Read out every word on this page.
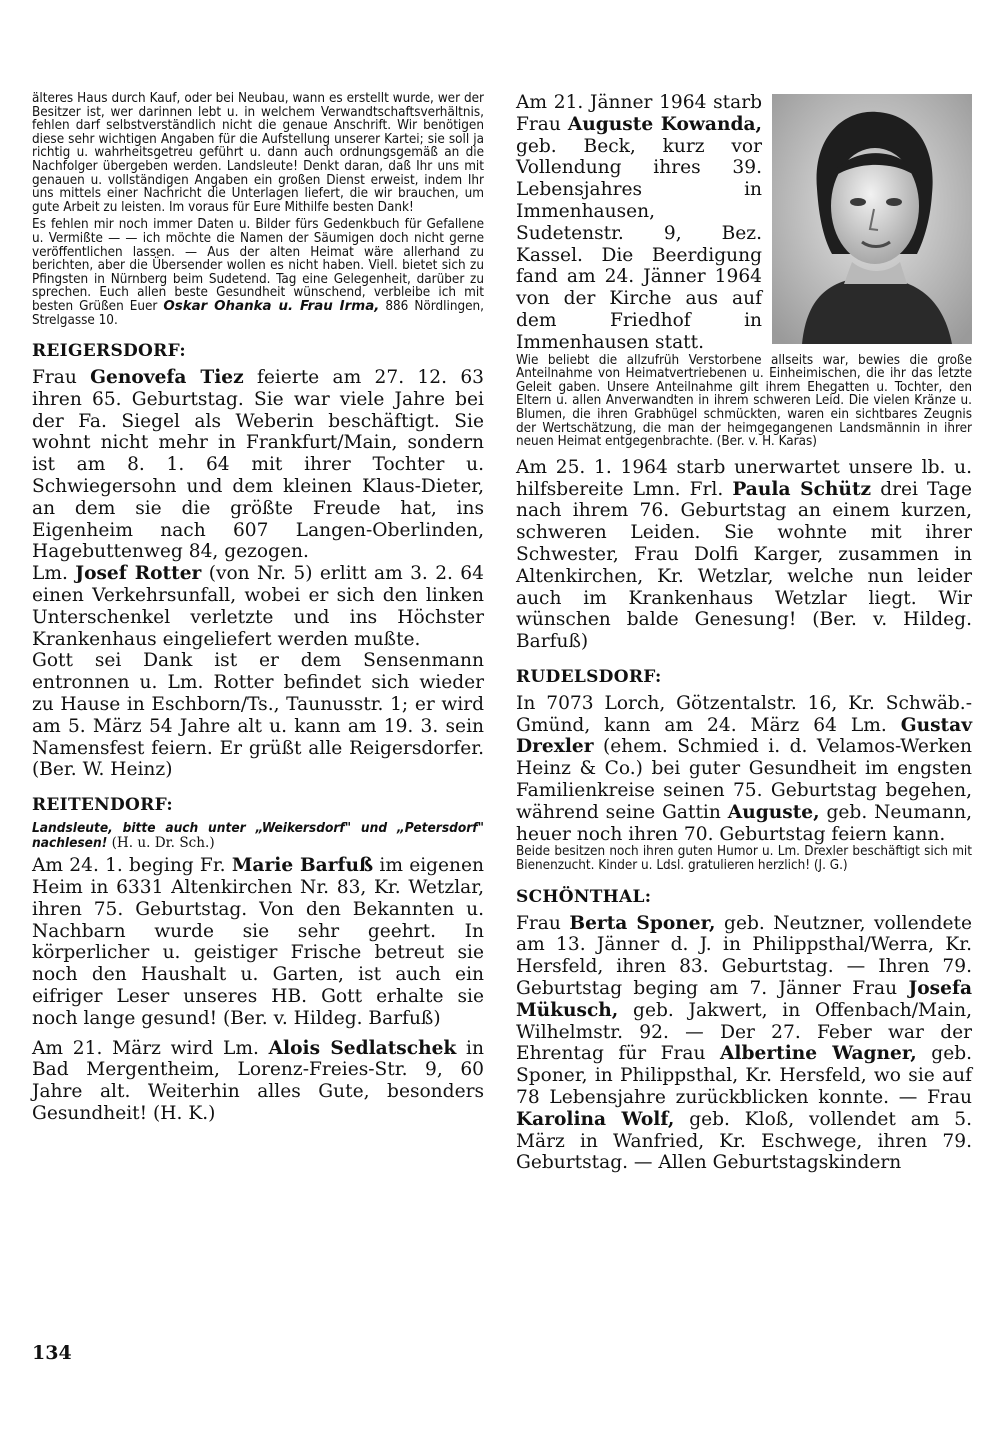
älteres Haus durch Kauf, oder bei Neubau, wann es erstellt wurde, wer der Besitzer ist, wer darinnen lebt u. in welchem Verwandtschaftsverhältnis, fehlen darf selbstverständlich nicht die genaue Anschrift. Wir benötigen diese sehr wichtigen Angaben für die Aufstellung unserer Kartei; sie soll ja richtig u. wahrheitsgetreu geführt u. dann auch ordnungsgemäß an die Nachfolger übergeben werden. Landsleute! Denkt daran, daß Ihr uns mit genauen u. vollständigen Angaben ein großen Dienst erweist, indem Ihr uns mittels einer Nachricht die Unterlagen liefert, die wir brauchen, um gute Arbeit zu leisten. Im voraus für Eure Mithilfe besten Dank!

Es fehlen mir noch immer Daten u. Bilder fürs Gedenkbuch für Gefallene u. Vermißte — — ich möchte die Namen der Säumigen doch nicht gerne veröffentlichen lassen. — Aus der alten Heimat wäre allerhand zu berichten, aber die Übersender wollen es nicht haben. Viell. bietet sich zu Pfingsten in Nürnberg beim Sudetend. Tag eine Gelegenheit, darüber zu sprechen. Euch allen beste Gesundheit wünschend, verbleibe ich mit besten Grüßen Euer Oskar Ohanka u. Frau Irma, 886 Nördlingen, Strelgasse 10.

REIGERSDORF:

Frau Genovefa Tiez feierte am 27. 12. 63 ihren 65. Geburtstag. Sie war viele Jahre bei der Fa. Siegel als Weberin beschäftigt. Sie wohnt nicht mehr in Frankfurt/Main, sondern ist am 8. 1. 64 mit ihrer Tochter u. Schwiegersohn und dem kleinen Klaus-Dieter, an dem sie die größte Freude hat, ins Eigenheim nach 607 Langen-Oberlinden, Hagebuttenweg 84, gezogen.

Lm. Josef Rotter (von Nr. 5) erlitt am 3. 2. 64 einen Verkehrsunfall, wobei er sich den linken Unterschenkel verletzte und ins Höchster Krankenhaus eingeliefert werden mußte.

Gott sei Dank ist er dem Sensenmann entronnen u. Lm. Rotter befindet sich wieder zu Hause in Eschborn/Ts., Taunusstr. 1; er wird am 5. März 54 Jahre alt u. kann am 19. 3. sein Namensfest feiern. Er grüßt alle Reigersdorfer. (Ber. W. Heinz)

REITENDORF:

Landsleute, bitte auch unter „Weikersdorf" und „Petersdorf" nachlesen! (H. u. Dr. Sch.)

Am 24. 1. beging Fr. Marie Barfuß im eigenen Heim in 6331 Altenkirchen Nr. 83, Kr. Wetzlar, ihren 75. Geburtstag. Von den Bekannten u. Nachbarn wurde sie sehr geehrt. In körperlicher u. geistiger Frische betreut sie noch den Haushalt u. Garten, ist auch ein eifriger Leser unseres HB. Gott erhalte sie noch lange gesund! (Ber. v. Hildeg. Barfuß)

Am 21. März wird Lm. Alois Sedlatschek in Bad Mergentheim, Lorenz-Freies-Str. 9, 60 Jahre alt. Weiterhin alles Gute, besonders Gesundheit! (H. K.)

Am 21. Jänner 1964 starb Frau Auguste Kowanda, geb. Beck, kurz vor Vollendung ihres 39. Lebensjahres in Immenhausen, Sudetenstr. 9, Bez. Kassel. Die Beerdigung fand am 24. Jänner 1964 von der Kirche aus auf dem Friedhof in Immenhausen statt.

Wie beliebt die allzufrüh Verstorbene allseits war, bewies die große Anteilnahme von Heimatvertriebenen u. Einheimischen, die ihr das letzte Geleit gaben. Unsere Anteilnahme gilt ihrem Ehegatten u. Tochter, den Eltern u. allen Anverwandten in ihrem schweren Leid. Die vielen Kränze u. Blumen, die ihren Grabhügel schmückten, waren ein sichtbares Zeugnis der Wertschätzung, die man der heimgegangenen Landsmännin in ihrer neuen Heimat entgegenbrachte. (Ber. v. H. Karas)

Am 25. 1. 1964 starb unerwartet unsere lb. u. hilfsbereite Lmn. Frl. Paula Schütz drei Tage nach ihrem 76. Geburtstag an einem kurzen, schweren Leiden. Sie wohnte mit ihrer Schwester, Frau Dolfi Karger, zusammen in Altenkirchen, Kr. Wetzlar, welche nun leider auch im Krankenhaus Wetzlar liegt. Wir wünschen balde Genesung! (Ber. v. Hildeg. Barfuß)

RUDELSDORF:

In 7073 Lorch, Götzentalstr. 16, Kr. Schwäb.-Gmünd, kann am 24. März 64 Lm. Gustav Drexler (ehem. Schmied i. d. Velamos-Werken Heinz & Co.) bei guter Gesundheit im engsten Familienkreise seinen 75. Geburtstag begehen, während seine Gattin Auguste, geb. Neumann, heuer noch ihren 70. Geburtstag feiern kann.

Beide besitzen noch ihren guten Humor u. Lm. Drexler beschäftigt sich mit Bienenzucht. Kinder u. Ldsl. gratulieren herzlich! (J. G.)

SCHÖNTHAL:

Frau Berta Sponer, geb. Neutzner, vollendete am 13. Jänner d. J. in Philippsthal/Werra, Kr. Hersfeld, ihren 83. Geburtstag. — Ihren 79. Geburtstag beging am 7. Jänner Frau Josefa Mükusch, geb. Jakwert, in Offenbach/Main, Wilhelmstr. 92. — Der 27. Feber war der Ehrentag für Frau Albertine Wagner, geb. Sponer, in Philippsthal, Kr. Hersfeld, wo sie auf 78 Lebensjahre zurückblicken konnte. — Frau Karolina Wolf, geb. Kloß, vollendet am 5. März in Wanfried, Kr. Eschwege, ihren 79. Geburtstag. — Allen Geburtstagskindern

134
